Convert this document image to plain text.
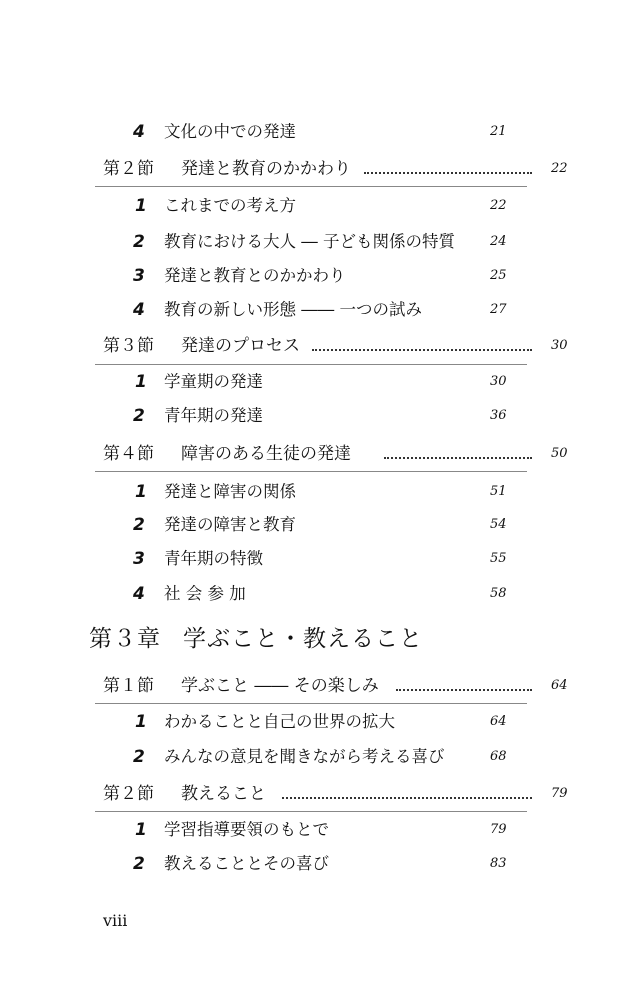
4 文化の中での発達	21
第２節 発達と教育のかかわり	22
1 これまでの考え方	22
2 教育における大人 ― 子ども関係の特質	24
3 発達と教育とのかかわり	25
4 教育の新しい形態 ―― 一つの試み	27
第３節 発達のプロセス	30
1 学童期の発達	30
2 青年期の発達	36
第４節 障害のある生徒の発達	50
1 発達と障害の関係	51
2 発達の障害と教育	54
3 青年期の特徴	55
4 社 会 参 加	58
第３章 学ぶこと・教えること
第１節 学ぶこと ―― その楽しみ	64
1 わかることと自己の世界の拡大	64
2 みんなの意見を聞きながら考える喜び	68
第２節 教えること	79
1 学習指導要領のもとで	79
2 教えることとその喜び	83
viii
